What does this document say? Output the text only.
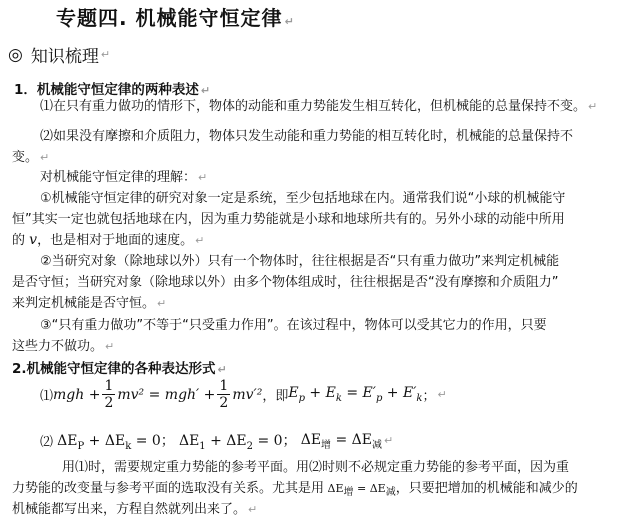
专题四. 机械能守恒定律 ↵
◎ 知识梳理 ↵
1．机械能守恒定律的两种表述 ↵
⑴在只有重力做功的情形下，物体的动能和重力势能发生相互转化，但机械能的总量保持不变。 ↵
⑵如果没有摩擦和介质阻力，物体只发生动能和重力势能的相互转化时，机械能的总量保持不
变。 ↵
对机械能守恒定律的理解： ↵
①机械能守恒定律的研究对象一定是系统，至少包括地球在内。通常我们说“小球的机械能守
恒”其实一定也就包括地球在内，因为重力势能就是小球和地球所共有的。另外小球的动能中所用
的 v，也是相对于地面的速度。 ↵
②当研究对象（除地球以外）只有一个物体时，往往根据是否“只有重力做功”来判定机械能
是否守恒；当研究对象（除地球以外）由多个物体组成时，往往根据是否“没有摩擦和介质阻力”
来判定机械能是否守恒。 ↵
③“只有重力做功”不等于“只受重力作用”。在该过程中，物体可以受其它力的作用，只要
这些力不做功。 ↵
2.机械能守恒定律的各种表达形式 ↵
⑴ mgh + $\frac{1}{2} mv^2 = mgh' + \frac{1}{2} mv'^2$ ，即 $E_p + E_k = E'_p + E'_k$ ； ↵
⑵
$\Delta E_P + \Delta E_k = 0$；
$\Delta E_1 + \Delta E_2 = 0$；
$\Delta E_增 = \Delta E_减$ ↵
用⑴时，需要规定重力势能的参考平面。用⑵时则不必规定重力势能的参考平面，因为重
力势能的改变量与参考平面的选取没有关系。尤其是用 $\Delta E_增 = \Delta E_减$，只要把增加的机械能和减少的
机械能都写出来，方程自然就列出来了。 ↵
